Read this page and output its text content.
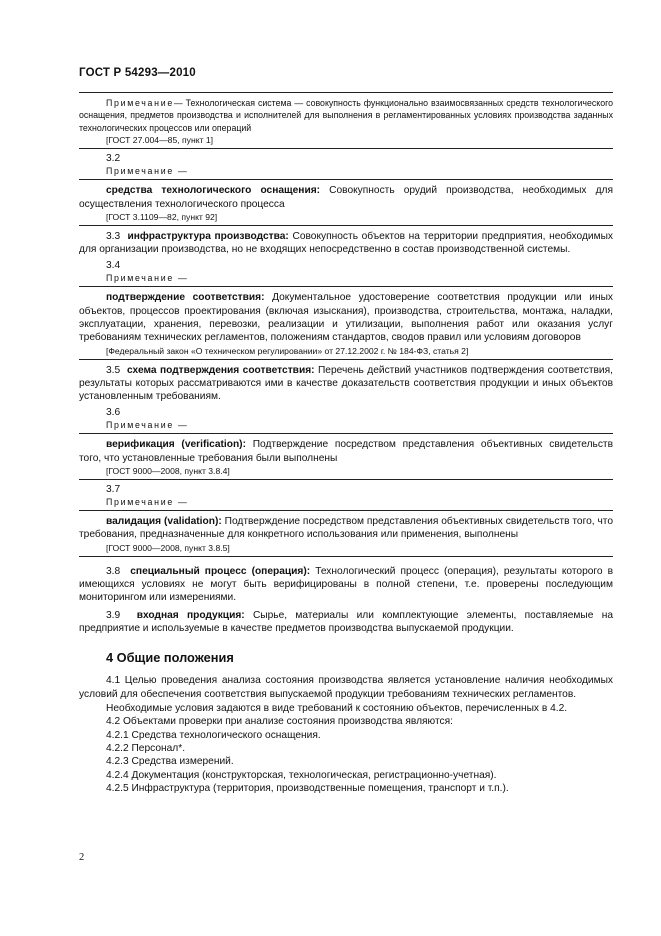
ГОСТ Р 54293—2010
Примечание— Технологическая система — совокупность функционально взаимосвязанных средств технологического оснащения, предметов производства и исполнителей для выполнения в регламентированных условиях производства заданных технологических процессов или операций
[ГОСТ 27.004—85, пункт 1]
3.2
Примечание —
средства технологического оснащения: Совокупность орудий производства, необходимых для осуществления технологического процесса
[ГОСТ 3.1109—82, пункт 92]
3.3 инфраструктура производства: Совокупность объектов на территории предприятия, необходимых для организации производства, но не входящих непосредственно в состав производственной системы.
3.4
Примечание —
подтверждение соответствия: Документальное удостоверение соответствия продукции или иных объектов, процессов проектирования (включая изыскания), производства, строительства, монтажа, наладки, эксплуатации, хранения, перевозки, реализации и утилизации, выполнения работ или оказания услуг требованиям технических регламентов, положениям стандартов, сводов правил или условиям договоров
[Федеральный закон «О техническом регулировании» от 27.12.2002 г. № 184-ФЗ, статья 2]
3.5 схема подтверждения соответствия: Перечень действий участников подтверждения соответствия, результаты которых рассматриваются ими в качестве доказательств соответствия продукции и иных объектов установленным требованиям.
3.6
Примечание —
верификация (verification): Подтверждение посредством представления объективных свидетельств того, что установленные требования были выполнены
[ГОСТ 9000—2008, пункт 3.8.4]
3.7
Примечание —
валидация (validation): Подтверждение посредством представления объективных свидетельств того, что требования, предназначенные для конкретного использования или применения, выполнены
[ГОСТ 9000—2008, пункт 3.8.5]
3.8 специальный процесс (операция): Технологический процесс (операция), результаты которого в имеющихся условиях не могут быть верифицированы в полной степени, т.е. проверены последующим мониторингом или измерениями.
3.9 входная продукция: Сырье, материалы или комплектующие элементы, поставляемые на предприятие и используемые в качестве предметов производства выпускаемой продукции.
4 Общие положения
4.1 Целью проведения анализа состояния производства является установление наличия необходимых условий для обеспечения соответствия выпускаемой продукции требованиям технических регламентов.
Необходимые условия задаются в виде требований к состоянию объектов, перечисленных в 4.2.
4.2 Объектами проверки при анализе состояния производства являются:
4.2.1 Средства технологического оснащения.
4.2.2 Персонал*.
4.2.3 Средства измерений.
4.2.4 Документация (конструкторская, технологическая, регистрационно-учетная).
4.2.5 Инфраструктура (территория, производственные помещения, транспорт и т.п.).
2
